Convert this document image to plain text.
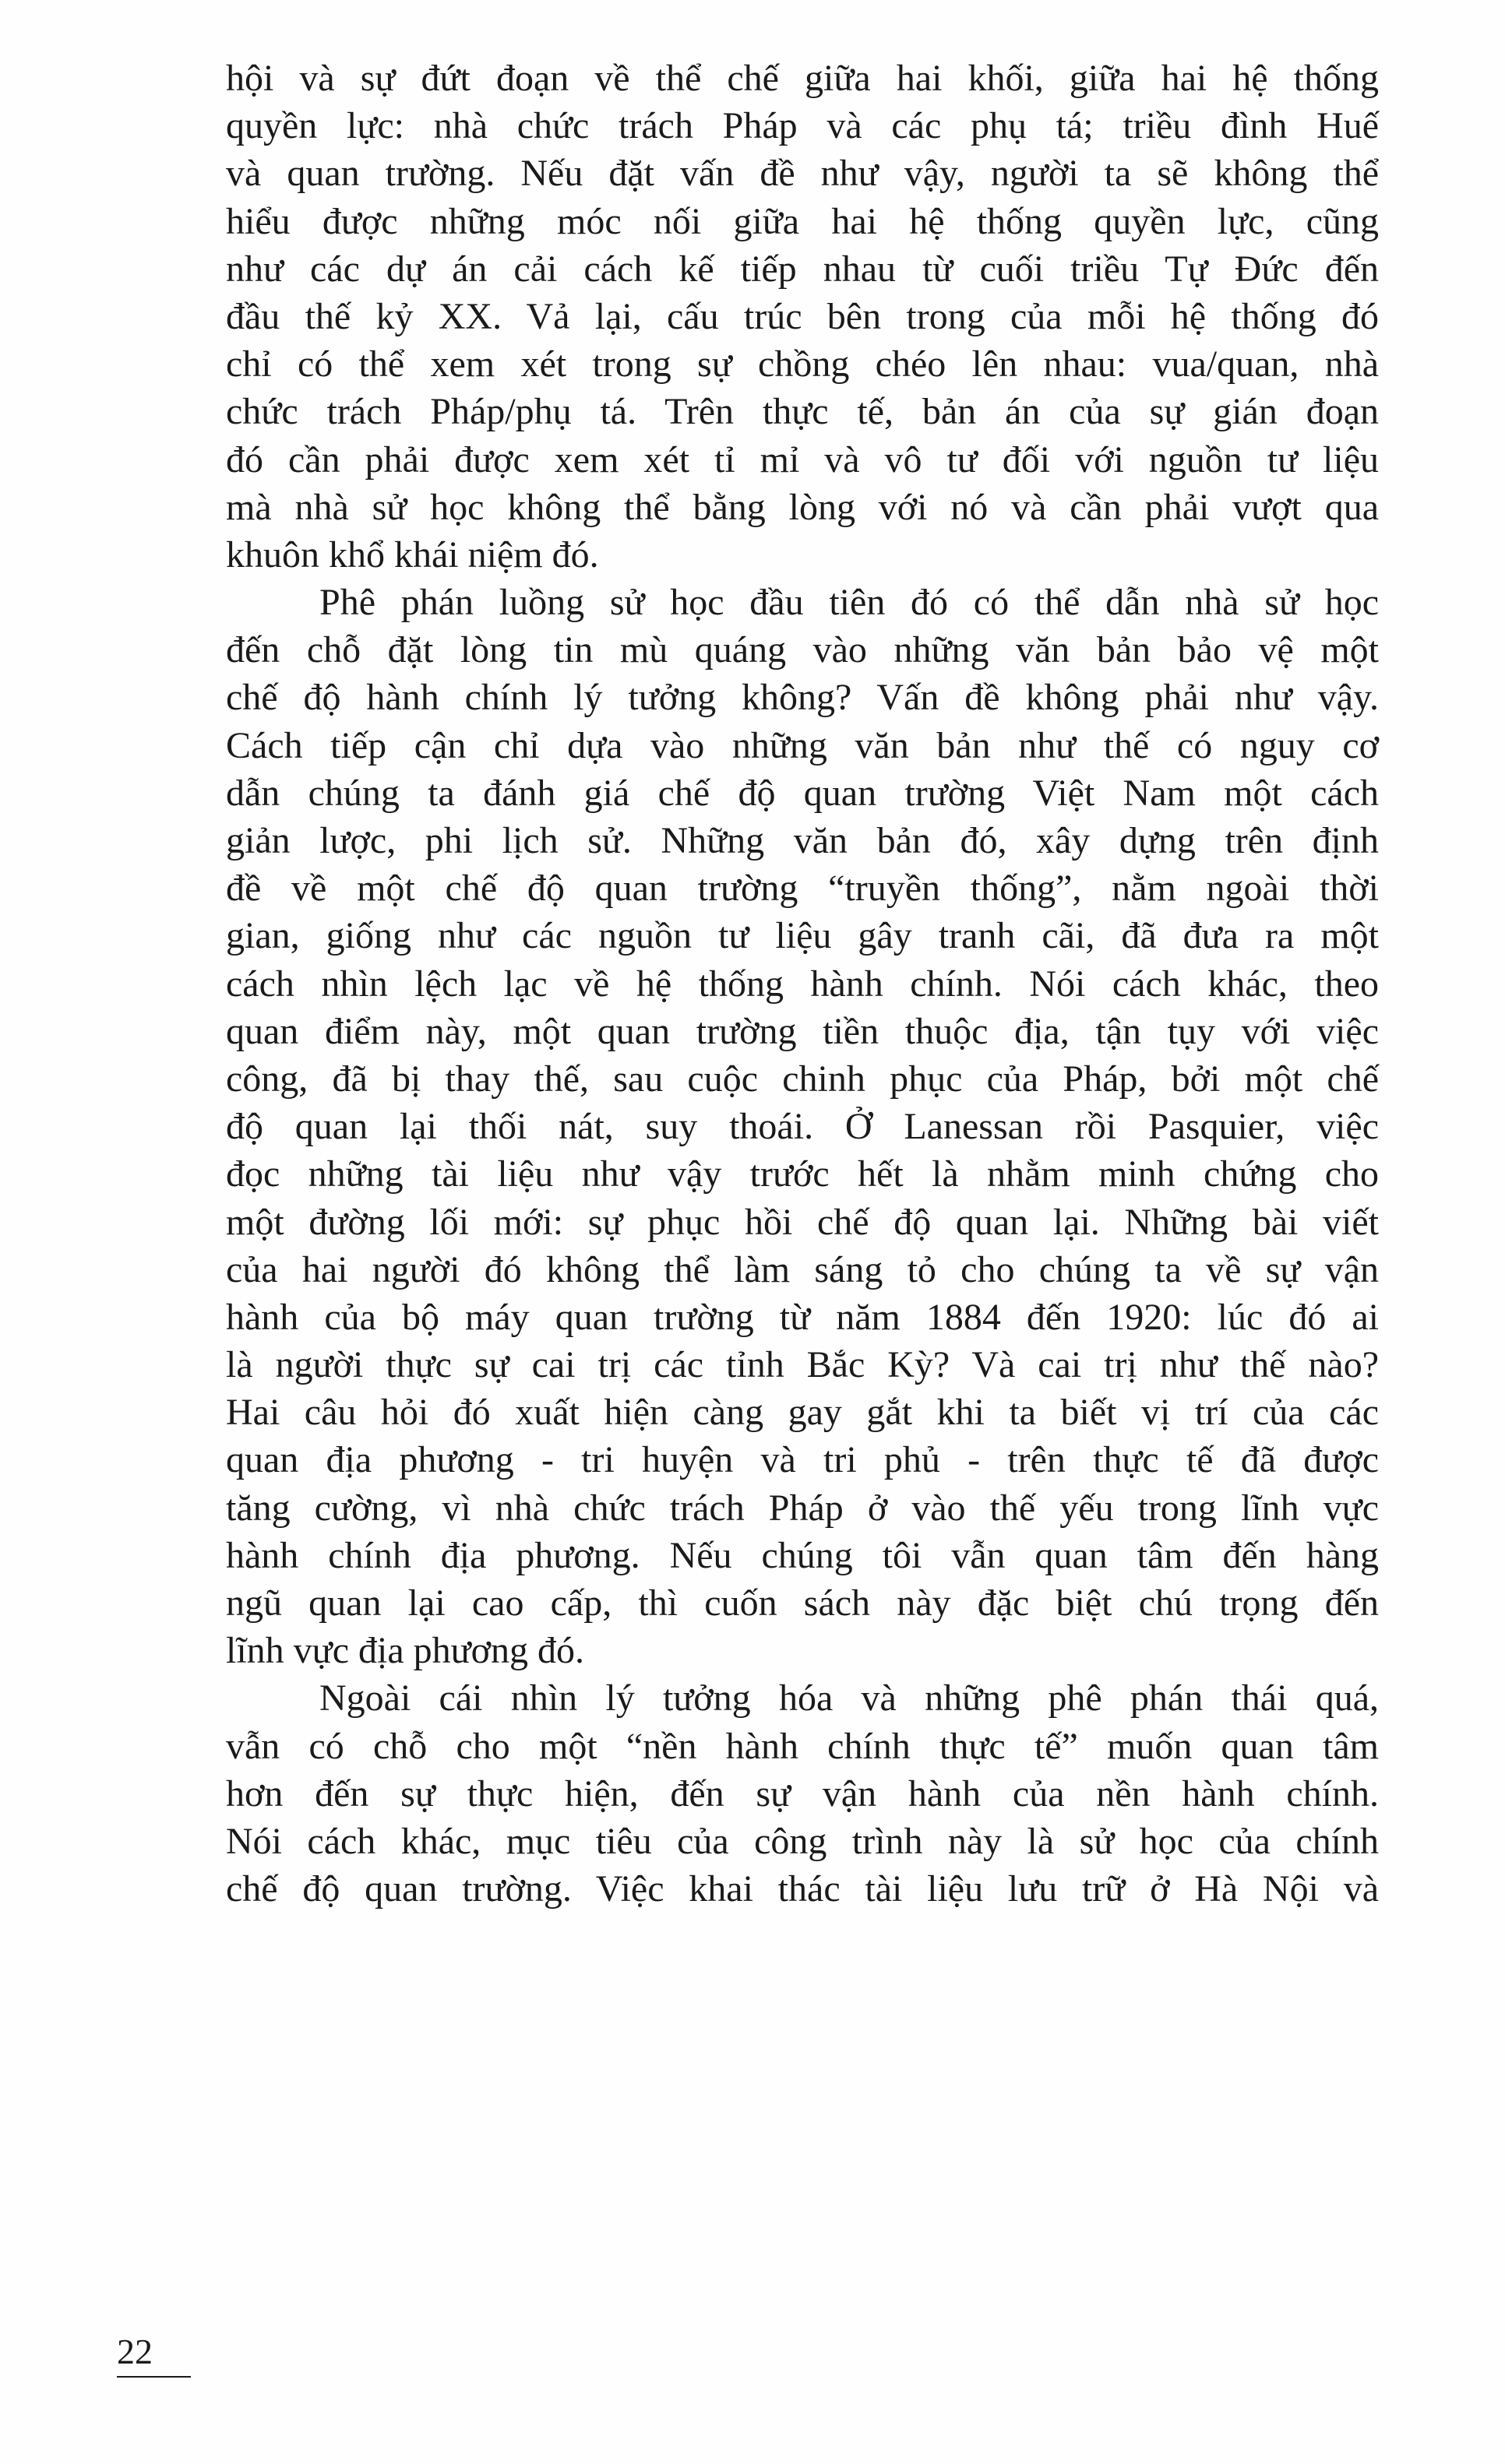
hội và sự đứt đoạn về thể chế giữa hai khối, giữa hai hệ thống
quyền lực: nhà chức trách Pháp và các phụ tá; triều đình Huế
và quan trường. Nếu đặt vấn đề như vậy, người ta sẽ không thể
hiểu được những móc nối giữa hai hệ thống quyền lực, cũng
như các dự án cải cách kế tiếp nhau từ cuối triều Tự Đức đến
đầu thế kỷ XX. Vả lại, cấu trúc bên trong của mỗi hệ thống đó
chỉ có thể xem xét trong sự chồng chéo lên nhau: vua/quan, nhà
chức trách Pháp/phụ tá. Trên thực tế, bản án của sự gián đoạn
đó cần phải được xem xét tỉ mỉ và vô tư đối với nguồn tư liệu
mà nhà sử học không thể bằng lòng với nó và cần phải vượt qua
khuôn khổ khái niệm đó.
Phê phán luồng sử học đầu tiên đó có thể dẫn nhà sử học
đến chỗ đặt lòng tin mù quáng vào những văn bản bảo vệ một
chế độ hành chính lý tưởng không? Vấn đề không phải như vậy.
Cách tiếp cận chỉ dựa vào những văn bản như thế có nguy cơ
dẫn chúng ta đánh giá chế độ quan trường Việt Nam một cách
giản lược, phi lịch sử. Những văn bản đó, xây dựng trên định
đề về một chế độ quan trường “truyền thống”, nằm ngoài thời
gian, giống như các nguồn tư liệu gây tranh cãi, đã đưa ra một
cách nhìn lệch lạc về hệ thống hành chính. Nói cách khác, theo
quan điểm này, một quan trường tiền thuộc địa, tận tụy với việc
công, đã bị thay thế, sau cuộc chinh phục của Pháp, bởi một chế
độ quan lại thối nát, suy thoái. Ở Lanessan rồi Pasquier, việc
đọc những tài liệu như vậy trước hết là nhằm minh chứng cho
một đường lối mới: sự phục hồi chế độ quan lại. Những bài viết
của hai người đó không thể làm sáng tỏ cho chúng ta về sự vận
hành của bộ máy quan trường từ năm 1884 đến 1920: lúc đó ai
là người thực sự cai trị các tỉnh Bắc Kỳ? Và cai trị như thế nào?
Hai câu hỏi đó xuất hiện càng gay gắt khi ta biết vị trí của các
quan địa phương - tri huyện và tri phủ - trên thực tế đã được
tăng cường, vì nhà chức trách Pháp ở vào thế yếu trong lĩnh vực
hành chính địa phương. Nếu chúng tôi vẫn quan tâm đến hàng
ngũ quan lại cao cấp, thì cuốn sách này đặc biệt chú trọng đến
lĩnh vực địa phương đó.
Ngoài cái nhìn lý tưởng hóa và những phê phán thái quá,
vẫn có chỗ cho một “nền hành chính thực tế” muốn quan tâm
hơn đến sự thực hiện, đến sự vận hành của nền hành chính.
Nói cách khác, mục tiêu của công trình này là sử học của chính
chế độ quan trường. Việc khai thác tài liệu lưu trữ ở Hà Nội và
22
